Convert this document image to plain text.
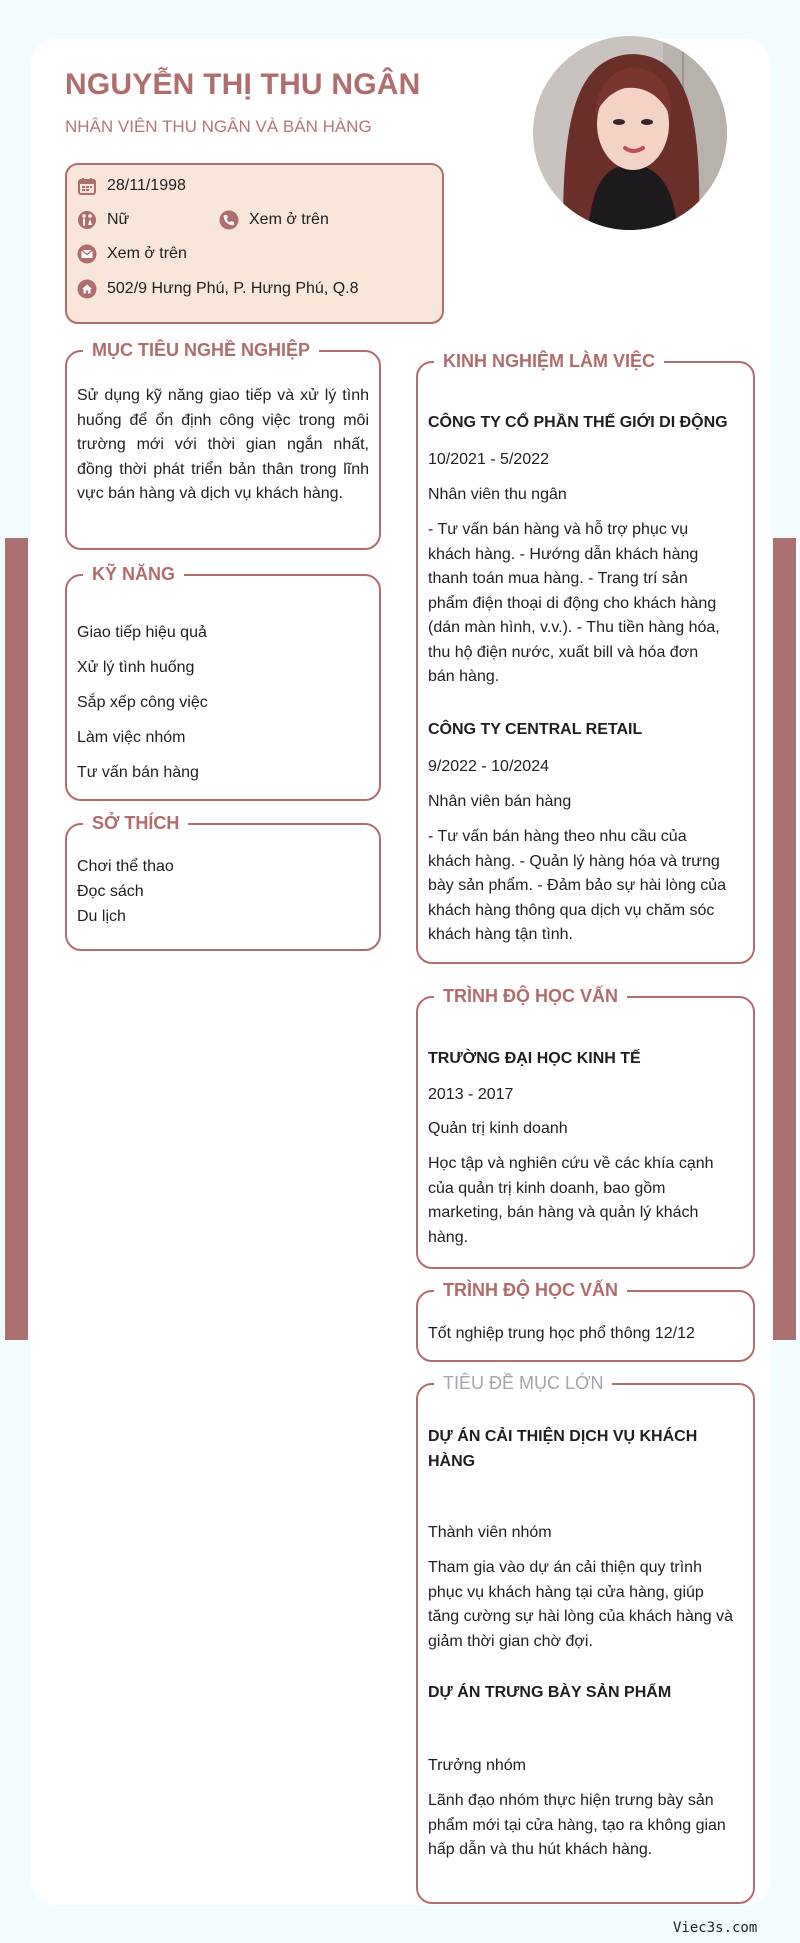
NGUYỄN THỊ THU NGÂN
NHÂN VIÊN THU NGÂN VÀ BÁN HÀNG
28/11/1998
Nữ	Xem ở trên
Xem ở trên
502/9 Hưng Phú, P. Hưng Phú, Q.8
MỤC TIÊU NGHỀ NGHIỆP
Sử dụng kỹ năng giao tiếp và xử lý tình huống để ổn định công việc trong môi trường mới với thời gian ngắn nhất, đồng thời phát triển bản thân trong lĩnh vực bán hàng và dịch vụ khách hàng.
KỸ NĂNG
Giao tiếp hiệu quả
Xử lý tình huống
Sắp xếp công việc
Làm việc nhóm
Tư vấn bán hàng
SỞ THÍCH
Chơi thể thao
Đọc sách
Du lịch
KINH NGHIỆM LÀM VIỆC
CÔNG TY CỔ PHẦN THẾ GIỚI DI ĐỘNG
10/2021 - 5/2022
Nhân viên thu ngân
- Tư vấn bán hàng và hỗ trợ phục vụ khách hàng. - Hướng dẫn khách hàng thanh toán mua hàng. - Trang trí sản phẩm điện thoại di động cho khách hàng (dán màn hình, v.v.). - Thu tiền hàng hóa, thu hộ điện nước, xuất bill và hóa đơn bán hàng.
CÔNG TY CENTRAL RETAIL
9/2022 - 10/2024
Nhân viên bán hàng
- Tư vấn bán hàng theo nhu cầu của khách hàng. - Quản lý hàng hóa và trưng bày sản phẩm. - Đảm bảo sự hài lòng của khách hàng thông qua dịch vụ chăm sóc khách hàng tận tình.
TRÌNH ĐỘ HỌC VẤN
TRƯỜNG ĐẠI HỌC KINH TẾ
2013 - 2017
Quản trị kinh doanh
Học tập và nghiên cứu về các khía cạnh của quản trị kinh doanh, bao gồm marketing, bán hàng và quản lý khách hàng.
TRÌNH ĐỘ HỌC VẤN
Tốt nghiệp trung học phổ thông 12/12
TIÊU ĐỀ MỤC LỚN
DỰ ÁN CẢI THIỆN DỊCH VỤ KHÁCH HÀNG
Thành viên nhóm
Tham gia vào dự án cải thiện quy trình phục vụ khách hàng tại cửa hàng, giúp tăng cường sự hài lòng của khách hàng và giảm thời gian chờ đợi.
DỰ ÁN TRƯNG BÀY SẢN PHẨM
Trưởng nhóm
Lãnh đạo nhóm thực hiện trưng bày sản phẩm mới tại cửa hàng, tạo ra không gian hấp dẫn và thu hút khách hàng.
Viec3s.com
